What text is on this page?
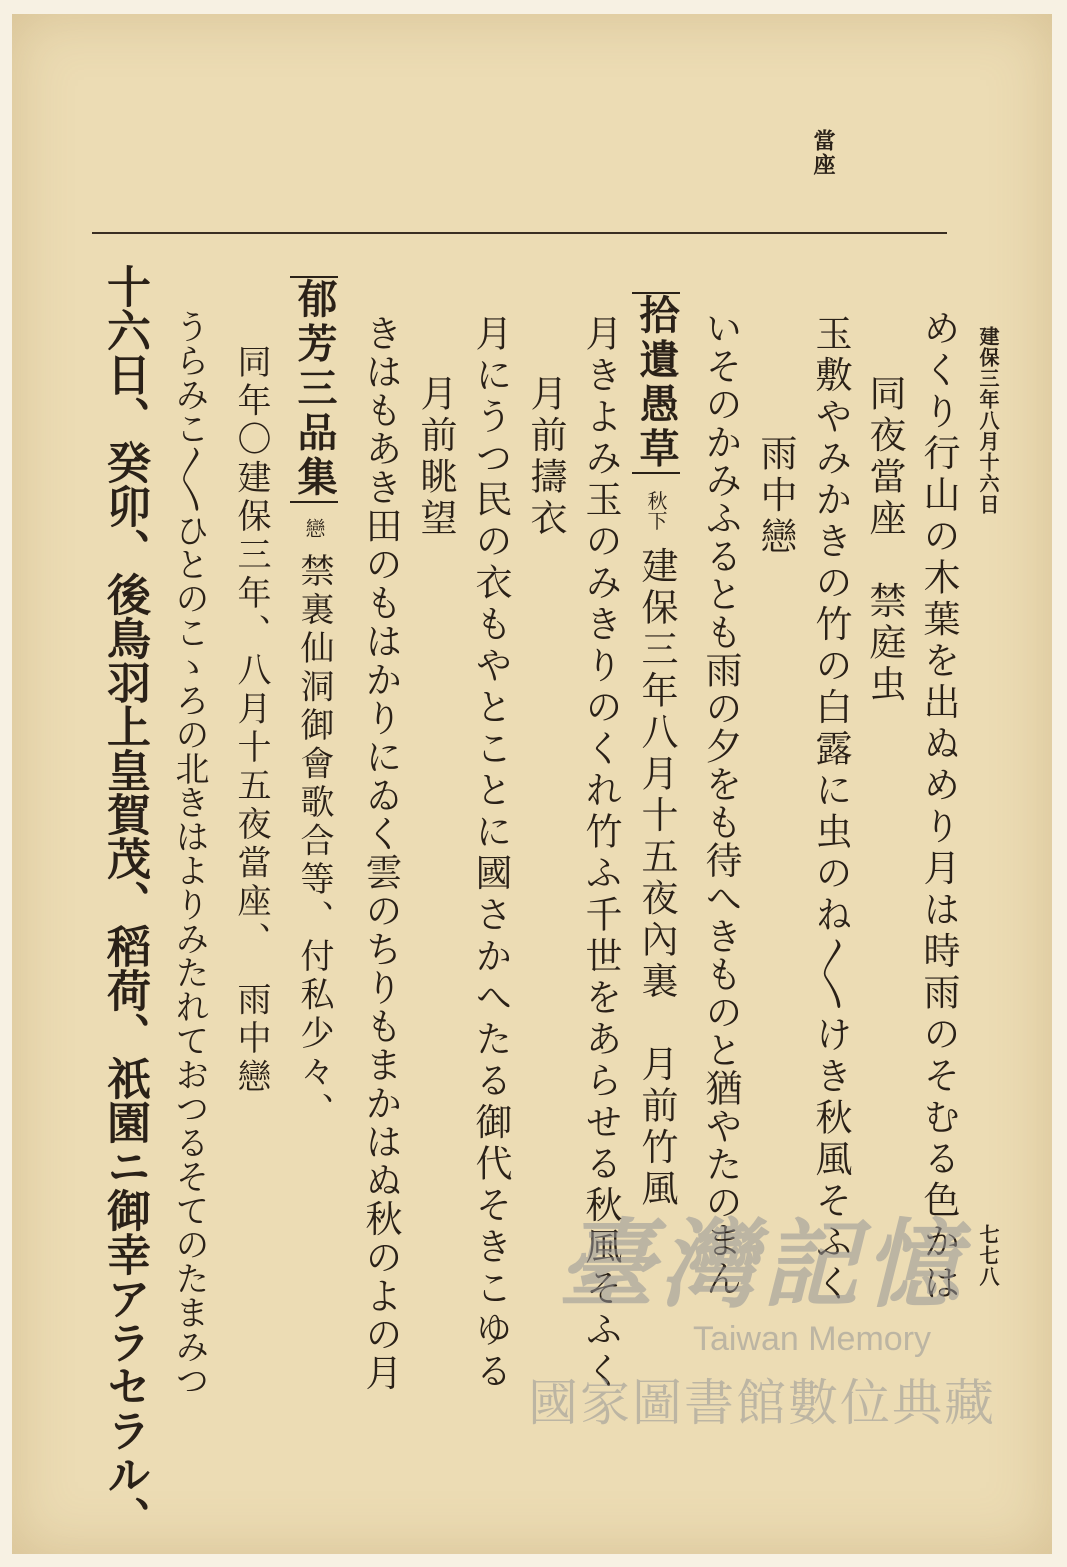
當座
建保三年八月十六日
七七八
めくり行山の木葉を出ぬめり月は時雨のそむる色かは
同夜當座　禁庭虫
玉敷やみかきの竹の白露に虫のね〱けき秋風そふく
雨中戀
いそのかみふるとも雨の夕をも待へきものと猶やたのまん
拾遺愚草 秋下 建保三年八月十五夜內裏　月前竹風
月きよみ玉のみきりのくれ竹ふ千世をあらせる秋風そふく
月前擣衣
月にうつ民の衣もやとことに國さかへたる御代そきこゆる
月前眺望
きはもあき田のもはかりにゐく雲のちりもまかはぬ秋のよの月
郁芳三品集 戀 禁裏仙洞御會歌合等、付私少々、
同年〇建保三年、八月十五夜當座、　雨中戀
うらみこ〱ひとのこゝろの北きはよりみたれておつるそてのたまみつ
十六日、癸卯、後鳥羽上皇賀茂、稻荷、祇園ニ御幸アラセラル、	臺灣記憶
Taiwan Memory
國家圖書館數位典藏
